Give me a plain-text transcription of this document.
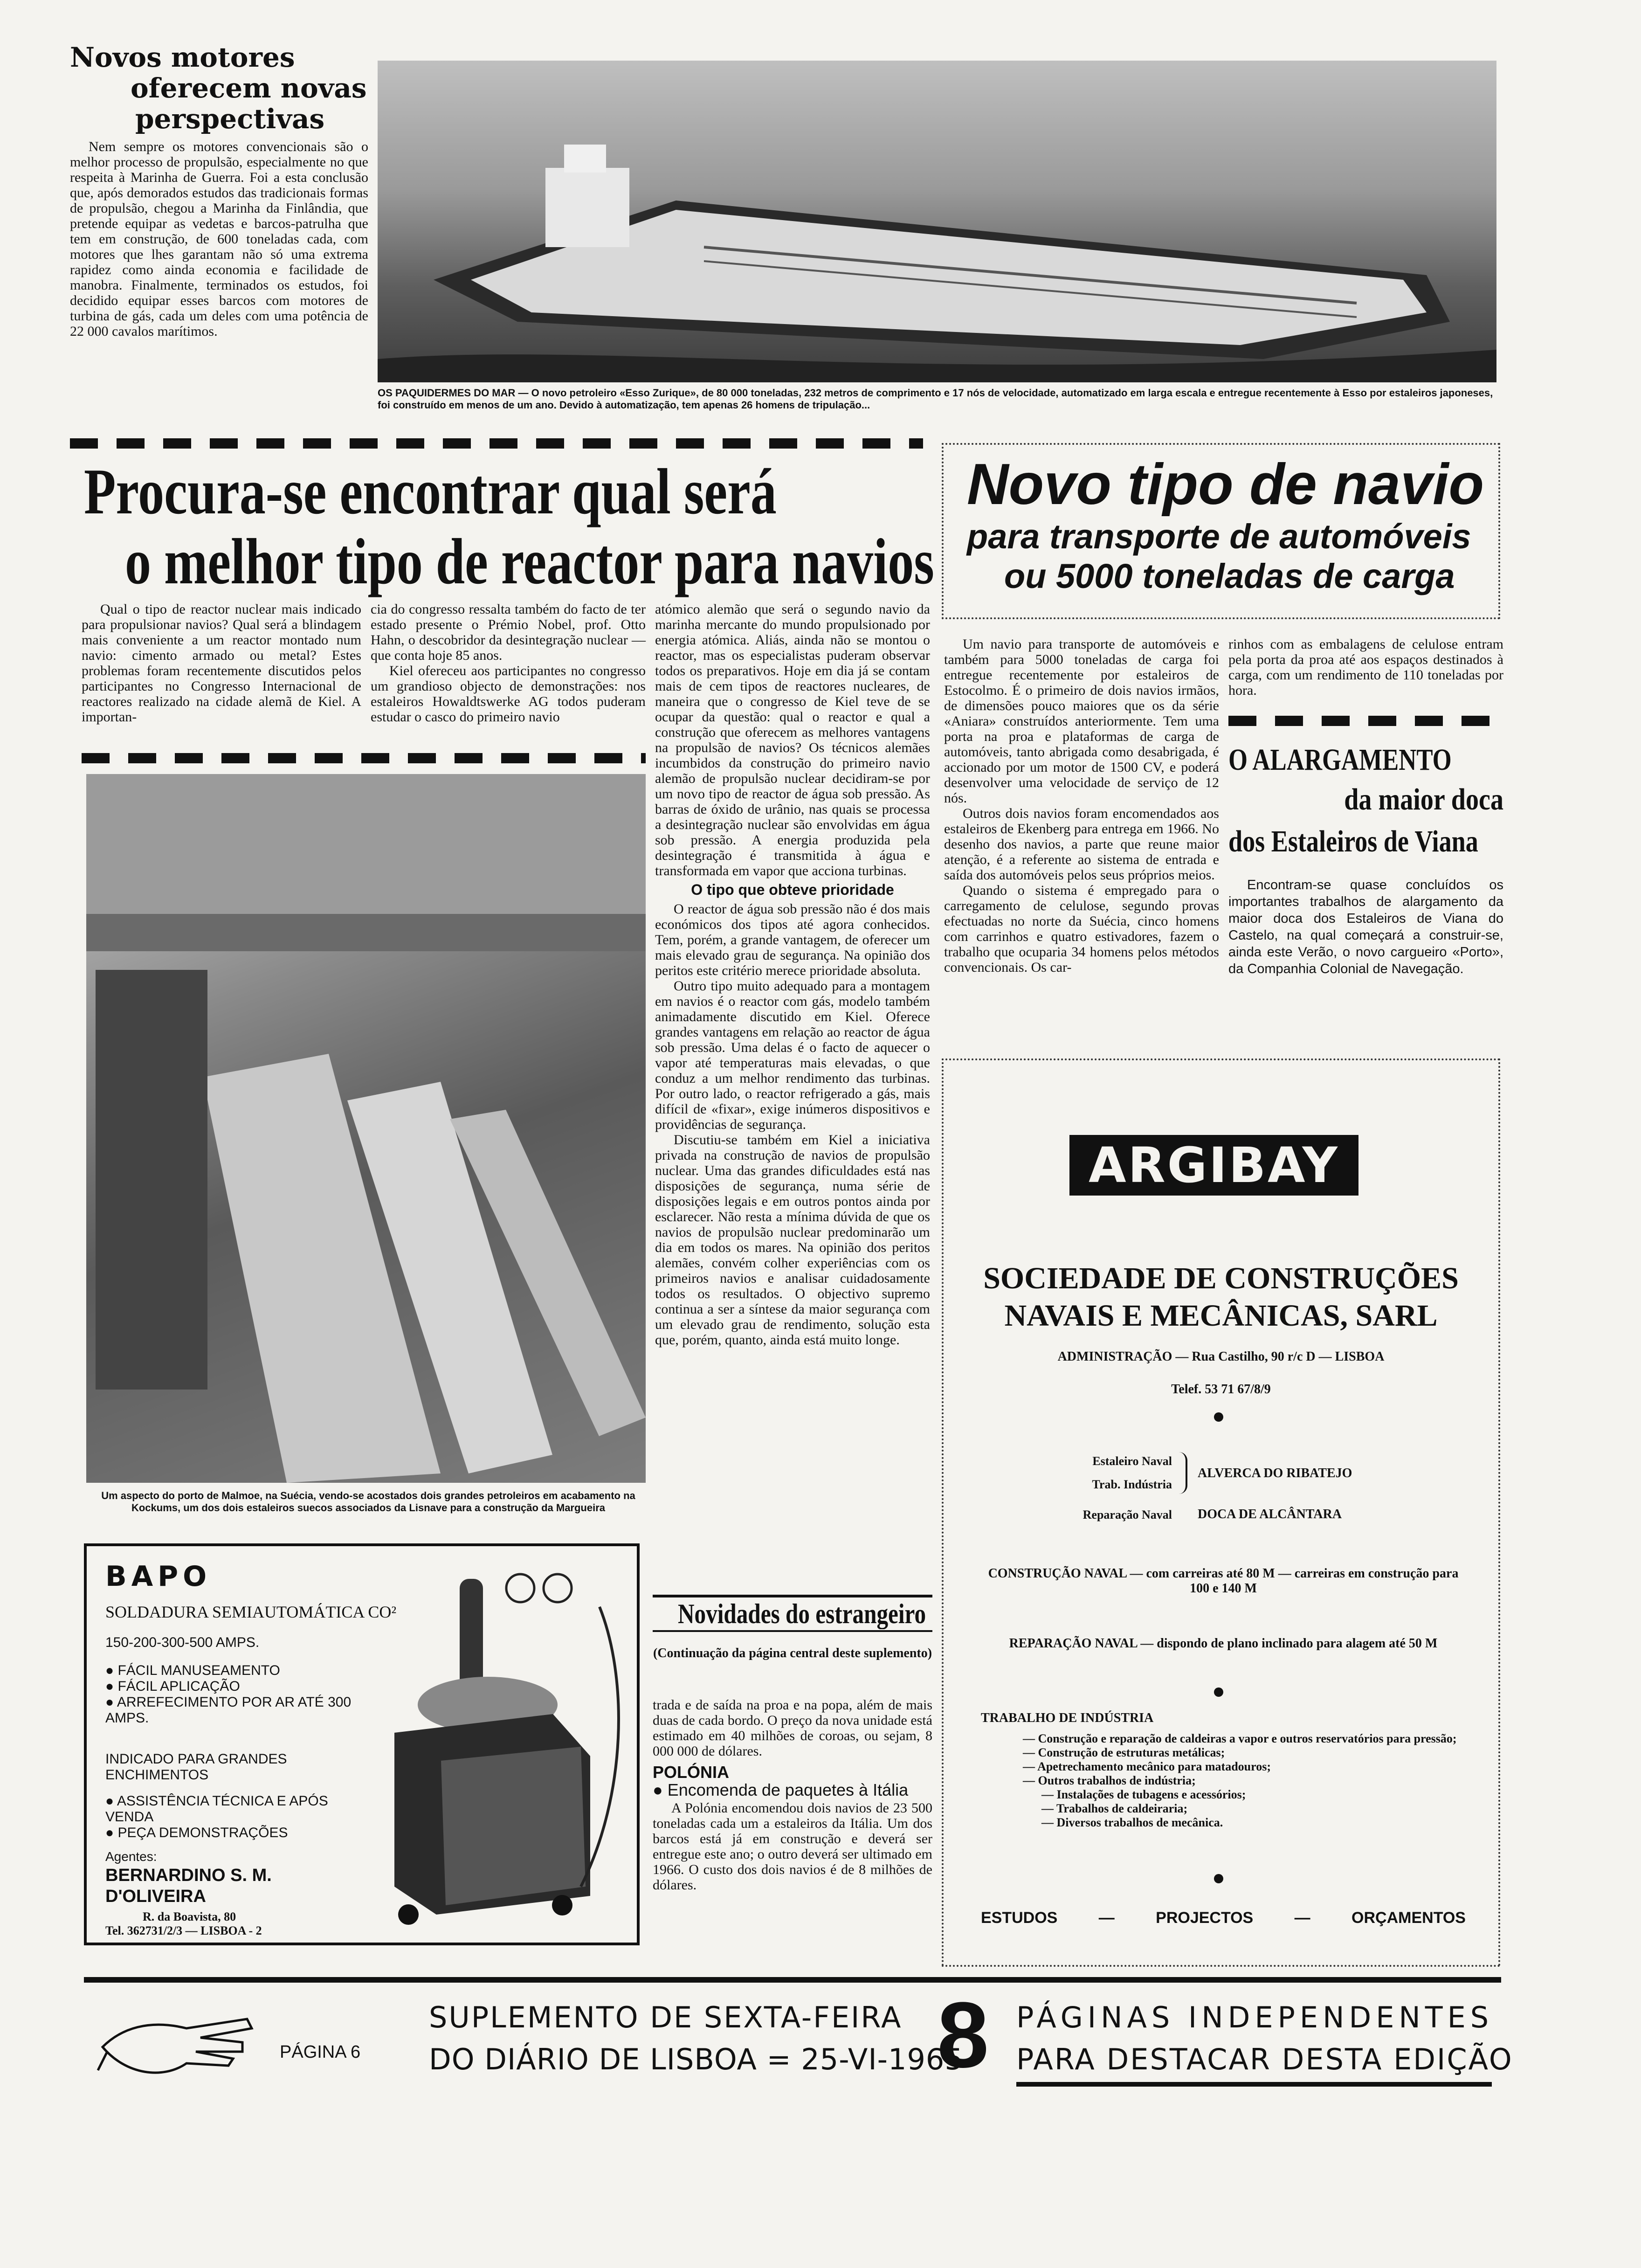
Novos motores
oferecem novas
perspectivas

Nem sempre os motores convencionais são o melhor processo de propulsão, especialmente no que respeita à Marinha de Guerra. Foi a esta conclusão que, após demorados estudos das tradicionais formas de propulsão, chegou a Marinha da Finlândia, que pretende equipar as vedetas e barcos-patrulha que tem em construção, de 600 toneladas cada, com motores que lhes garantam não só uma extrema rapidez como ainda economia e facilidade de manobra. Finalmente, terminados os estudos, foi decidido equipar esses barcos com motores de turbina de gás, cada um deles com uma potência de 22 000 cavalos marítimos.

OS PAQUIDERMES DO MAR — O novo petroleiro «Esso Zurique», de 80 000 toneladas, 232 metros de comprimento e 17 nós de velocidade, automatizado em larga escala e entregue recentemente à Esso por estaleiros japoneses, foi construído em menos de um ano. Devido à automatização, tem apenas 26 homens de tripulação...
Procura-se encontrar qual será
o melhor tipo de reactor para navios

Qual o tipo de reactor nuclear mais indicado para propulsionar navios? Qual será a blindagem mais conveniente a um reactor montado num navio: cimento armado ou metal? Estes problemas foram recentemente discutidos pelos participantes no Congresso Internacional de reactores realizado na cidade alemã de Kiel. A importan-

cia do congresso ressalta também do facto de ter estado presente o Prémio Nobel, prof. Otto Hahn, o descobridor da desintegração nuclear — que conta hoje 85 anos.

Kiel ofereceu aos participantes no congresso um grandioso objecto de demonstrações: nos estaleiros Howaldtswerke AG todos puderam estudar o casco do primeiro navio

Um aspecto do porto de Malmoe, na Suécia, vendo-se acostados dois grandes petroleiros em acabamento na Kockums, um dos dois estaleiros suecos associados da Lisnave para a construção da Margueira

atómico alemão que será o segundo navio da marinha mercante do mundo propulsionado por energia atómica. Aliás, ainda não se montou o reactor, mas os especialistas puderam observar todos os preparativos. Hoje em dia já se contam mais de cem tipos de reactores nucleares, de maneira que o congresso de Kiel teve de se ocupar da questão: qual o reactor e qual a construção que oferecem as melhores vantagens na propulsão de navios? Os técnicos alemães incumbidos da construção do primeiro navio alemão de propulsão nuclear decidiram-se por um novo tipo de reactor de água sob pressão. As barras de óxido de urânio, nas quais se processa a desintegração nuclear são envolvidas em água sob pressão. A energia produzida pela desintegração é transmitida à água e transformada em vapor que acciona turbinas.

O tipo que obteve prioridade

O reactor de água sob pressão não é dos mais económicos dos tipos até agora conhecidos. Tem, porém, a grande vantagem, de oferecer um mais elevado grau de segurança. Na opinião dos peritos este critério merece prioridade absoluta.

Outro tipo muito adequado para a montagem em navios é o reactor com gás, modelo também animadamente discutido em Kiel. Oferece grandes vantagens em relação ao reactor de água sob pressão. Uma delas é o facto de aquecer o vapor até temperaturas mais elevadas, o que conduz a um melhor rendimento das turbinas. Por outro lado, o reactor refrigerado a gás, mais difícil de «fixar», exige inúmeros dispositivos e providências de segurança.

Discutiu-se também em Kiel a iniciativa privada na construção de navios de propulsão nuclear. Uma das grandes dificuldades está nas disposições de segurança, numa série de disposições legais e em outros pontos ainda por esclarecer. Não resta a mínima dúvida de que os navios de propulsão nuclear predominarão um dia em todos os mares. Na opinião dos peritos alemães, convém colher experiências com os primeiros navios e analisar cuidadosamente todos os resultados. O objectivo supremo continua a ser a síntese da maior segurança com um elevado grau de rendimento, solução esta que, porém, quanto, ainda está muito longe.

BAPO
SOLDADURA SEMIAUTOMÁTICA CO²
150-200-300-500 AMPS.
● FÁCIL MANUSEAMENTO
● FÁCIL APLICAÇÃO
● ARREFECIMENTO POR AR ATÉ 300 AMPS.
INDICADO PARA GRANDES ENCHIMENTOS
● ASSISTÊNCIA TÉCNICA E APÓS VENDA
● PEÇA DEMONSTRAÇÕES
Agentes:
BERNARDINO S. M.
D'OLIVEIRA
R. da Boavista, 80
Tel. 362731/2/3 — LISBOA - 2
Novidades do estrangeiro
(Continuação da página central deste suplemento)

trada e de saída na proa e na popa, além de mais duas de cada bordo. O preço da nova unidade está estimado em 40 milhões de coroas, ou sejam, 8 000 000 de dólares.

POLÓNIA
● Encomenda de paquetes à Itália

A Polónia encomendou dois navios de 23 500 toneladas cada um a estaleiros da Itália. Um dos barcos está já em construção e deverá ser entregue este ano; o outro deverá ser ultimado em 1966. O custo dos dois navios é de 8 milhões de dólares.

Novo tipo de navio
para transporte de automóveis
ou 5000 toneladas de carga

Um navio para transporte de automóveis e também para 5000 toneladas de carga foi entregue recentemente por estaleiros de Estocolmo. É o primeiro de dois navios irmãos, de dimensões pouco maiores que os da série «Aniara» construídos anteriormente. Tem uma porta na proa e plataformas de carga de automóveis, tanto abrigada como desabrigada, é accionado por um motor de 1500 CV, e poderá desenvolver uma velocidade de serviço de 12 nós.

Outros dois navios foram encomendados aos estaleiros de Ekenberg para entrega em 1966. No desenho dos navios, a parte que reune maior atenção, é a referente ao sistema de entrada e saída dos automóveis pelos seus próprios meios.

Quando o sistema é empregado para o carregamento de celulose, segundo provas efectuadas no norte da Suécia, cinco homens com carrinhos e quatro estivadores, fazem o trabalho que ocuparia 34 homens pelos métodos convencionais. Os car-

rinhos com as embalagens de celulose entram pela porta da proa até aos espaços destinados à carga, com um rendimento de 110 toneladas por hora.

O ALARGAMENTO
da maior doca
dos Estaleiros de Viana

Encontram-se quase concluídos os importantes trabalhos de alargamento da maior doca dos Estaleiros de Viana do Castelo, na qual começará a construir-se, ainda este Verão, o novo cargueiro «Porto», da Companhia Colonial de Navegação.

ARGIBAY
SOCIEDADE DE CONSTRUÇÕES
NAVAIS E MECÂNICAS, SARL
ADMINISTRAÇÃO — Rua Castilho, 90 r/c D — LISBOA
Telef. 53 71 67/8/9
Estaleiro Naval
Trab. Indústria
ALVERCA DO RIBATEJO
Reparação Naval DOCA DE ALCÂNTARA
CONSTRUÇÃO NAVAL — com carreiras até 80 M — carreiras em construção para 100 e 140 M
REPARAÇÃO NAVAL — dispondo de plano inclinado para alagem até 50 M
TRABALHO DE INDÚSTRIA
— Construção e reparação de caldeiras a vapor e outros reservatórios para pressão;
— Construção de estruturas metálicas;
— Apetrechamento mecânico para matadouros;
— Outros trabalhos de indústria;
— Instalações de tubagens e acessórios;
— Trabalhos de caldeiraria;
— Diversos trabalhos de mecânica.
ESTUDOS	—	PROJECTOS	—	ORÇAMENTOS
PÁGINA 6
SUPLEMENTO DE SEXTA-FEIRA
DO DIÁRIO DE LISBOA = 25-VI-1965
8 PÁGINAS INDEPENDENTES
PARA DESTACAR DESTA EDIÇÃO
